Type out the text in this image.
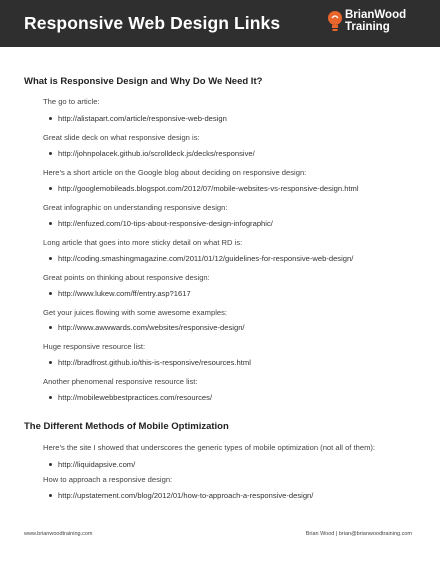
Responsive Web Design Links	BrianWood
Training
What is Responsive Design and Why Do We Need It?
The go to article:
http://alistapart.com/article/responsive-web-design
Great slide deck on what responsive design is:
http://johnpolacek.github.io/scrolldeck.js/decks/responsive/
Here’s a short article on the Google blog about deciding on responsive design:
http://googlemobileads.blogspot.com/2012/07/mobile-websites-vs-responsive-design.html
Great infographic on understanding responsive design:
http://enfuzed.com/10-tips-about-responsive-design-infographic/
Long article that goes into more sticky detail on what RD is:
http://coding.smashingmagazine.com/2011/01/12/guidelines-for-responsive-web-design/
Great points on thinking about responsive design:
http://www.lukew.com/ff/entry.asp?1617
Get your juices flowing with some awesome examples:
http://www.awwwards.com/websites/responsive-design/
Huge responsive resource list:
http://bradfrost.github.io/this-is-responsive/resources.html
Another phenomenal responsive resource list:
http://mobilewebbestpractices.com/resources/
The Different Methods of Mobile Optimization
Here’s the site I showed that underscores the generic types of mobile optimization (not all of them):
http://liquidapsive.com/
How to approach a responsive design:
http://upstatement.com/blog/2012/01/how-to-approach-a-responsive-design/
www.brianwoodtraining.com	Brian Wood | brian@brianwoodtraining.com
